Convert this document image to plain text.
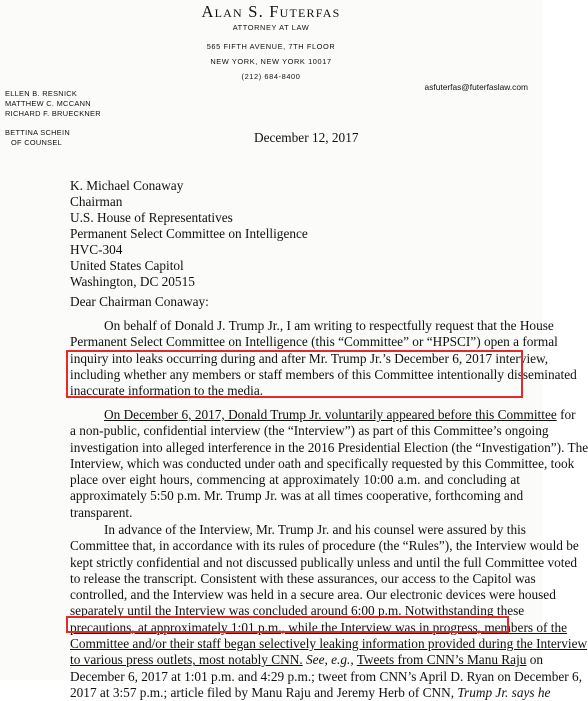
Alan S. Futerfas
ATTORNEY AT LAW
565 FIFTH AVENUE, 7TH FLOOR
NEW YORK, NEW YORK 10017
(212) 684-8400
ELLEN B. RESNICK
MATTHEW C. MCCANN
RICHARD F. BRUECKNER
BETTINA SCHEIN
OF COUNSEL
asfuterfas@futerfaslaw.com
December 12, 2017
K. Michael Conaway
Chairman
U.S. House of Representatives
Permanent Select Committee on Intelligence
HVC-304
United States Capitol
Washington, DC 20515
Dear Chairman Conaway:
On behalf of Donald J. Trump Jr., I am writing to respectfully request that the House
Permanent Select Committee on Intelligence (this “Committee” or “HPSCI”) open a formal
inquiry into leaks occurring during and after Mr. Trump Jr.’s December 6, 2017 interview,
including whether any members or staff members of this Committee intentionally disseminated
inaccurate information to the media.
On December 6, 2017, Donald Trump Jr. voluntarily appeared before this Committee for
a non-public, confidential interview (the “Interview”) as part of this Committee’s ongoing
investigation into alleged interference in the 2016 Presidential Election (the “Investigation”). The
Interview, which was conducted under oath and specifically requested by this Committee, took
place over eight hours, commencing at approximately 10:00 a.m. and concluding at
approximately 5:50 p.m. Mr. Trump Jr. was at all times cooperative, forthcoming and
transparent.
In advance of the Interview, Mr. Trump Jr. and his counsel were assured by this
Committee that, in accordance with its rules of procedure (the “Rules”), the Interview would be
kept strictly confidential and not discussed publically unless and until the full Committee voted
to release the transcript. Consistent with these assurances, our access to the Capitol was
controlled, and the Interview was held in a secure area. Our electronic devices were housed
separately until the Interview was concluded around 6:00 p.m. Notwithstanding these
precautions, at approximately 1:01 p.m., while the Interview was in progress, members of the
Committee and/or their staff began selectively leaking information provided during the Interview
to various press outlets, most notably CNN. See, e.g., Tweets from CNN’s Manu Raju on
December 6, 2017 at 1:01 p.m. and 4:29 p.m.; tweet from CNN’s April D. Ryan on December 6,
2017 at 3:57 p.m.; article filed by Manu Raju and Jeremy Herb of CNN, Trump Jr. says he
